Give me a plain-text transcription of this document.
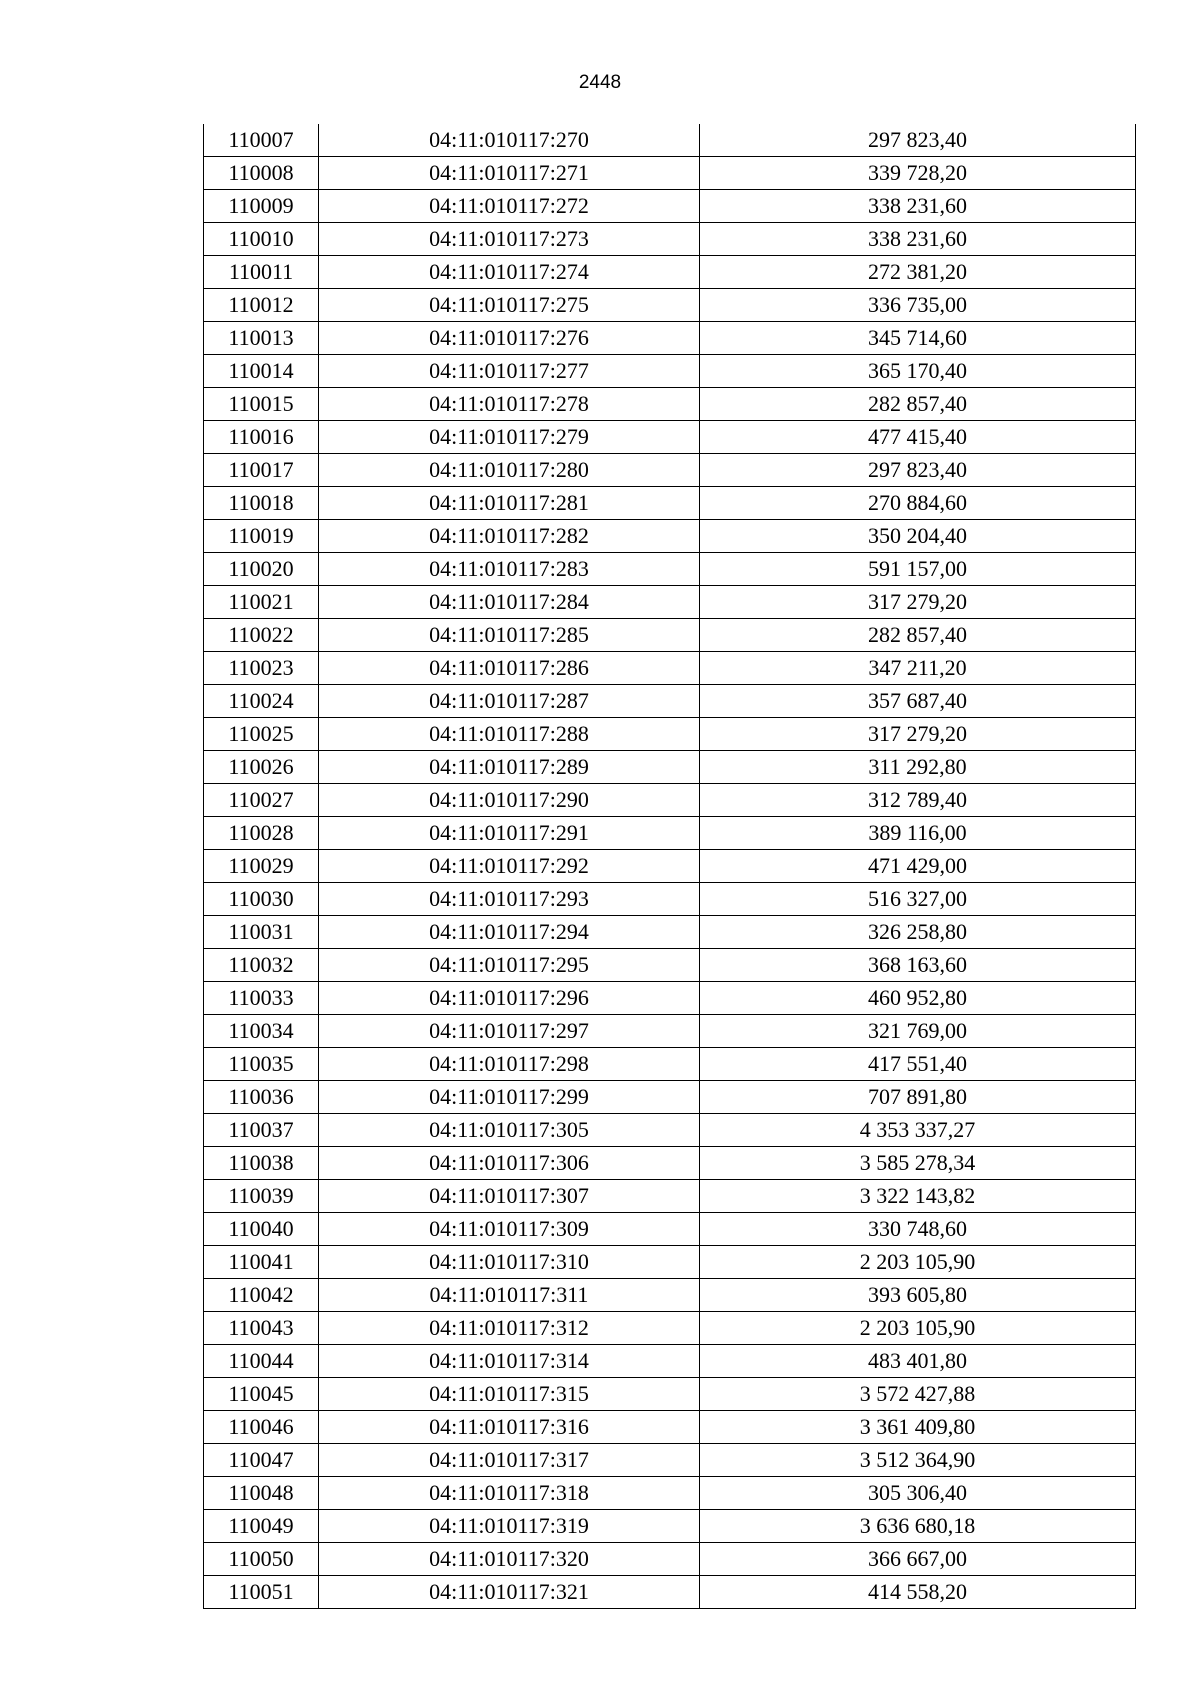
2448
110007	04:11:010117:270	297 823,40
110008	04:11:010117:271	339 728,20
110009	04:11:010117:272	338 231,60
110010	04:11:010117:273	338 231,60
110011	04:11:010117:274	272 381,20
110012	04:11:010117:275	336 735,00
110013	04:11:010117:276	345 714,60
110014	04:11:010117:277	365 170,40
110015	04:11:010117:278	282 857,40
110016	04:11:010117:279	477 415,40
110017	04:11:010117:280	297 823,40
110018	04:11:010117:281	270 884,60
110019	04:11:010117:282	350 204,40
110020	04:11:010117:283	591 157,00
110021	04:11:010117:284	317 279,20
110022	04:11:010117:285	282 857,40
110023	04:11:010117:286	347 211,20
110024	04:11:010117:287	357 687,40
110025	04:11:010117:288	317 279,20
110026	04:11:010117:289	311 292,80
110027	04:11:010117:290	312 789,40
110028	04:11:010117:291	389 116,00
110029	04:11:010117:292	471 429,00
110030	04:11:010117:293	516 327,00
110031	04:11:010117:294	326 258,80
110032	04:11:010117:295	368 163,60
110033	04:11:010117:296	460 952,80
110034	04:11:010117:297	321 769,00
110035	04:11:010117:298	417 551,40
110036	04:11:010117:299	707 891,80
110037	04:11:010117:305	4 353 337,27
110038	04:11:010117:306	3 585 278,34
110039	04:11:010117:307	3 322 143,82
110040	04:11:010117:309	330 748,60
110041	04:11:010117:310	2 203 105,90
110042	04:11:010117:311	393 605,80
110043	04:11:010117:312	2 203 105,90
110044	04:11:010117:314	483 401,80
110045	04:11:010117:315	3 572 427,88
110046	04:11:010117:316	3 361 409,80
110047	04:11:010117:317	3 512 364,90
110048	04:11:010117:318	305 306,40
110049	04:11:010117:319	3 636 680,18
110050	04:11:010117:320	366 667,00
110051	04:11:010117:321	414 558,20
